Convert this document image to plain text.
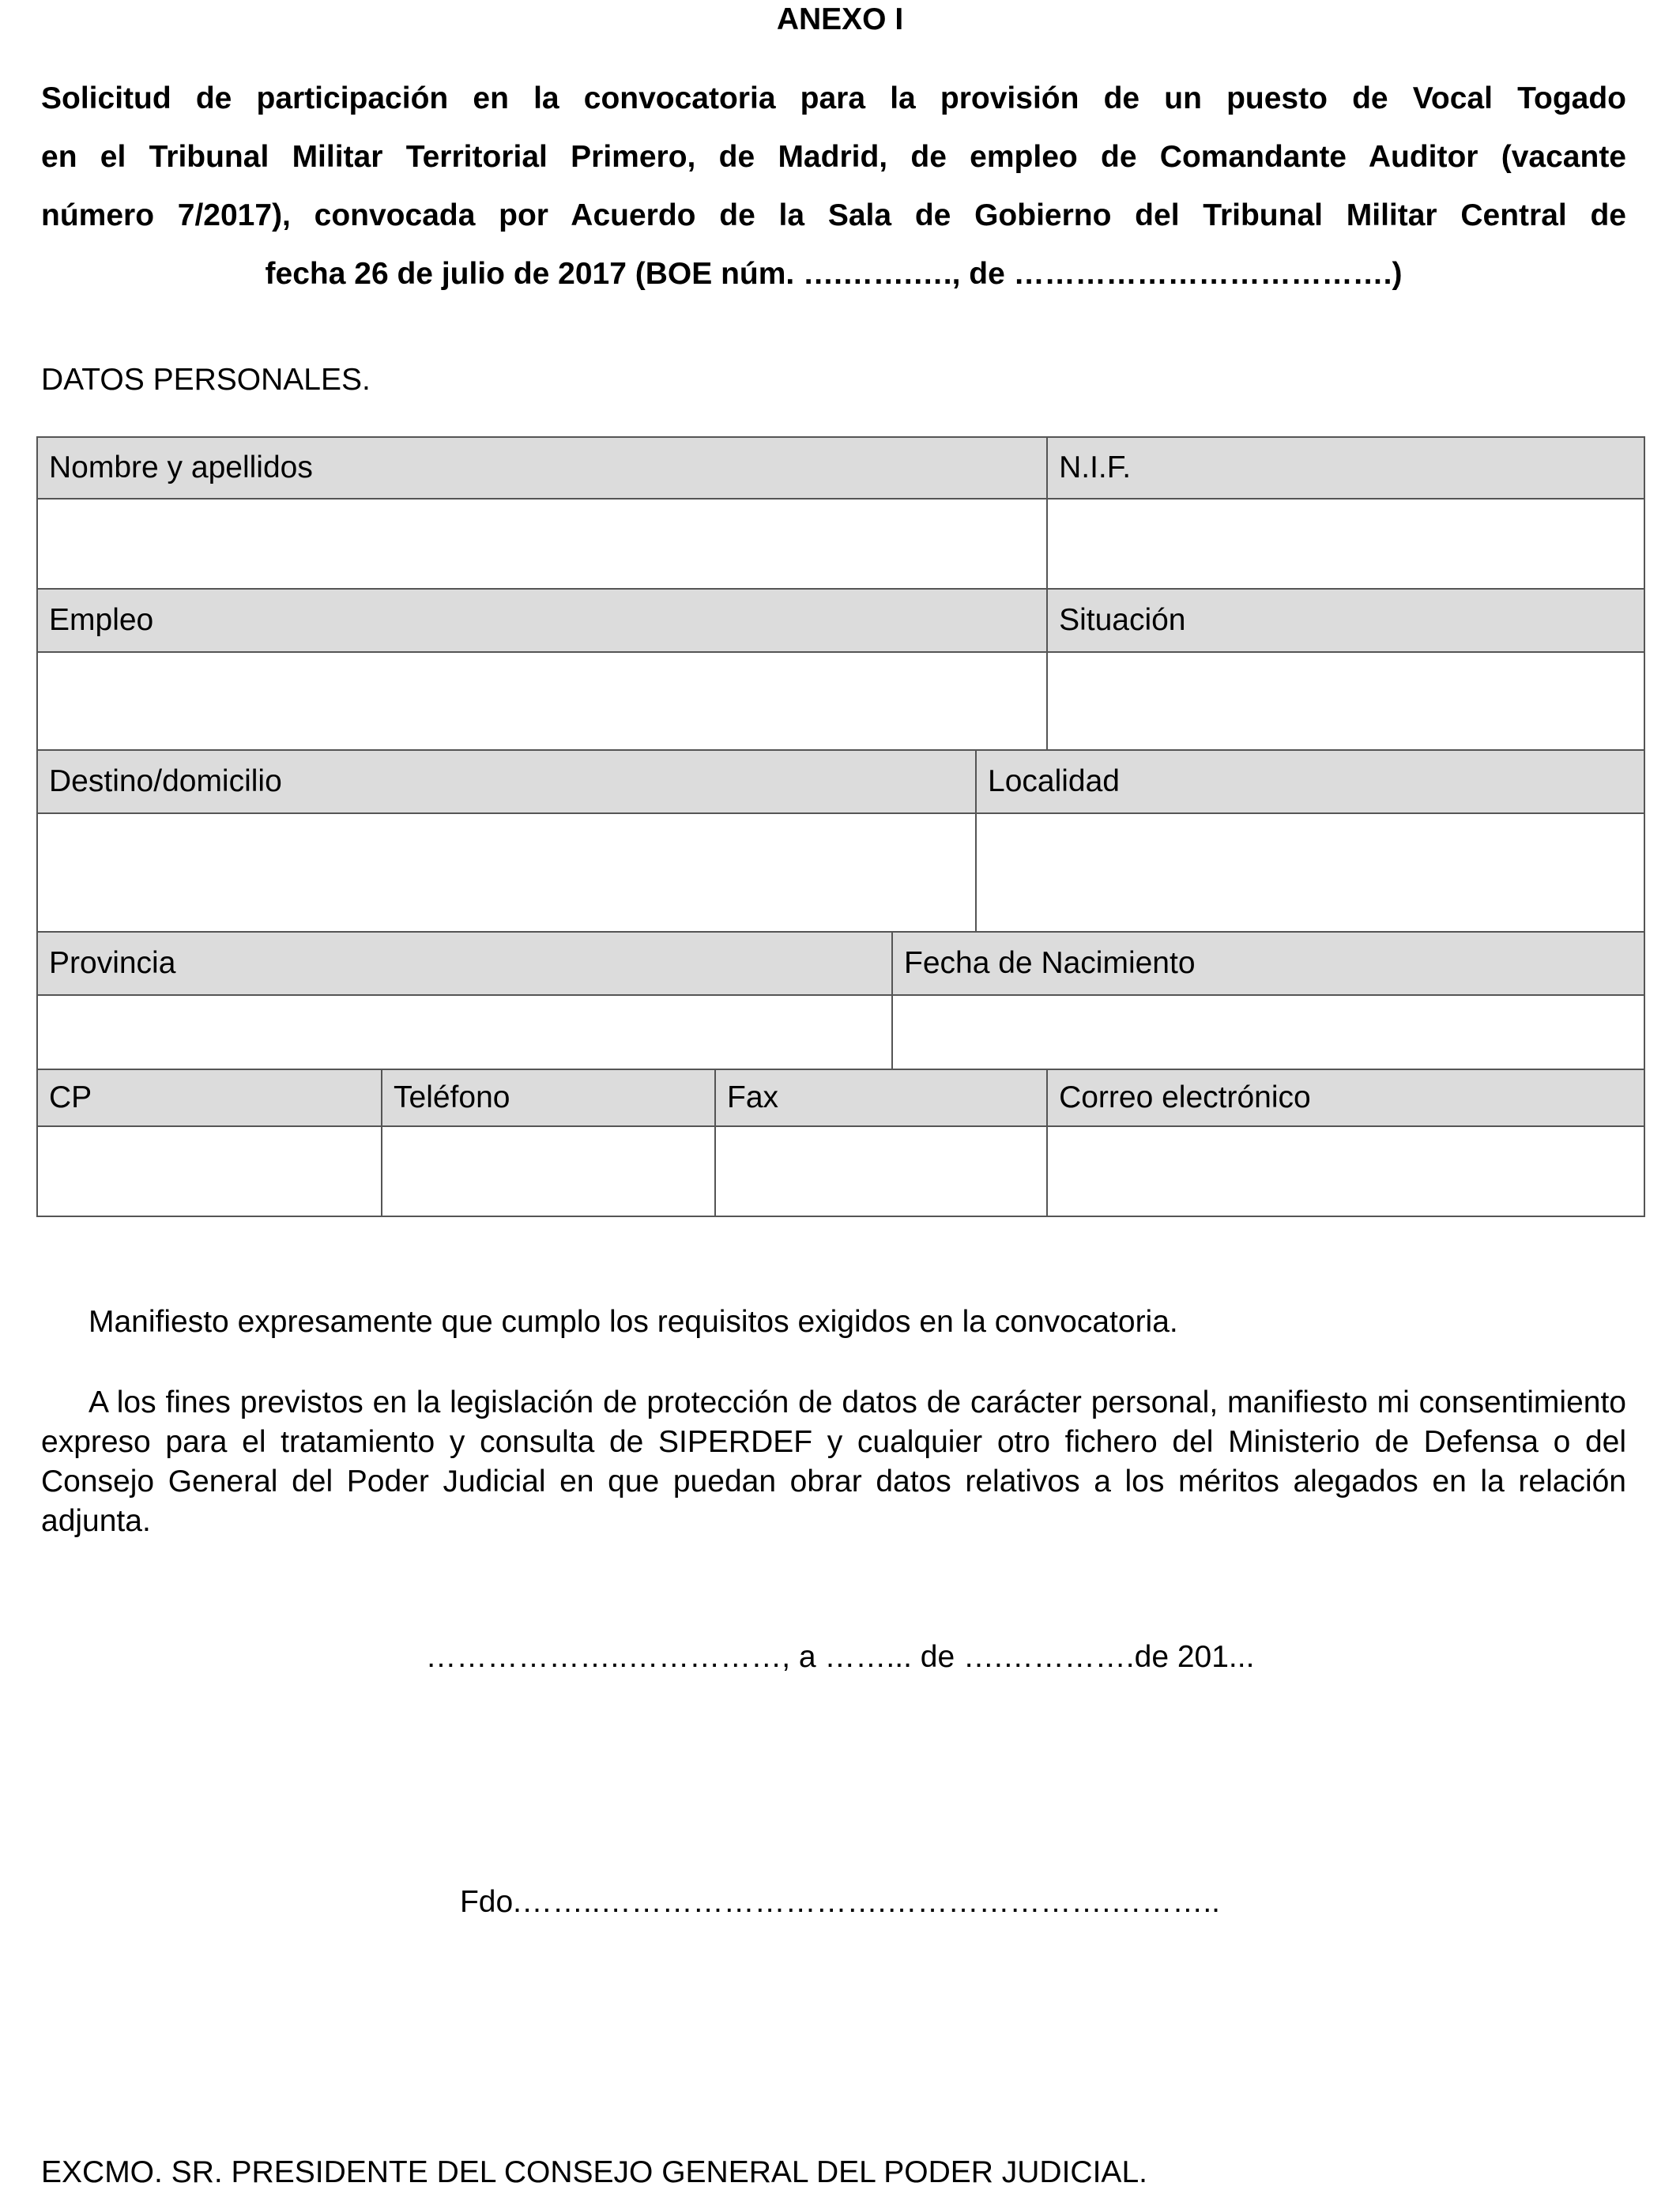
ANEXO I
Solicitud de participación en la convocatoria para la provisión de un puesto de Vocal Togado
en el Tribunal Militar Territorial Primero, de Madrid, de empleo de Comandante Auditor (vacante
número 7/2017), convocada por Acuerdo de la Sala de Gobierno del Tribunal Militar Central de
fecha 26 de julio de 2017 (BOE núm. ….…….…., de ……………………………….)
DATOS PERSONALES.
Nombre y apellidos					N.I.F.

Empleo					Situación

Destino/domicilio				Localidad	

Provincia			Fecha de Nacimiento		

CP	Teléfono	Fax			Correo electrónico

Manifiesto expresamente que cumplo los requisitos exigidos en la convocatoria.
A los fines previstos en la legislación de protección de datos de carácter personal, manifiesto mi consentimiento expreso para el tratamiento y consulta de SIPERDEF y cualquier otro fichero del Ministerio de Defensa o del Consejo General del Poder Judicial en que puedan obrar datos relativos a los méritos alegados en la relación adjunta.
………………..……………, a ……... de ….………….de 201...
Fdo.……..……………………….………………….………..
EXCMO. SR. PRESIDENTE DEL CONSEJO GENERAL DEL PODER JUDICIAL.
